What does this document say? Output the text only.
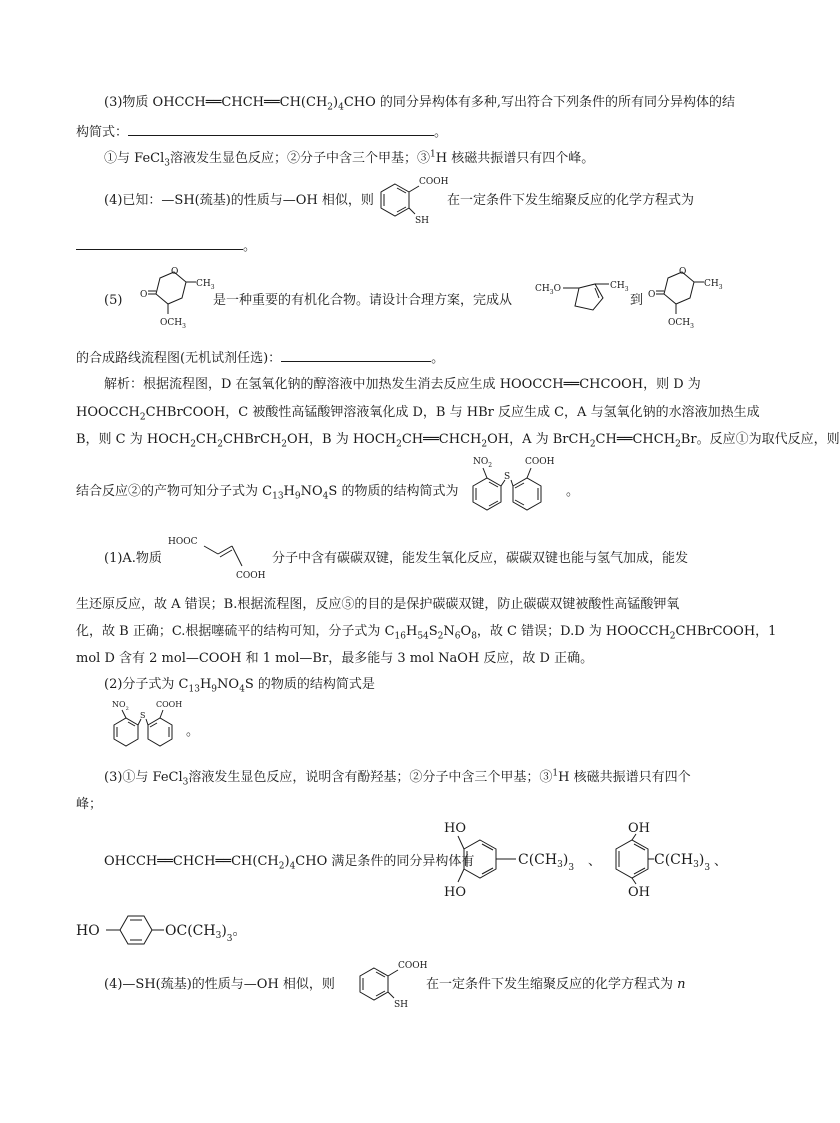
(3)物质 $OHCCH══CHCH══CH(CH_2)_4CHO$ 的同分异构体有多种,写出符合下列条件的所有同分异构体的结
构简式：	。
①与 FeCl$_3$溶液发生显色反应；②分子中含三个甲基；③$^1$H 核磁共振谱只有四个峰。
(4)已知：—SH(巯基)的性质与—OH 相似，则
COOH
SH
在一定条件下发生缩聚反应的化学方程式为
。
(5) O
O
$CH_3$
$OCH_3$
是一种重要的有机化合物。请设计合理方案，完成从
$CH_3O$	$CH_3$
到 O
O
$CH_3$
$OCH_3$
的合成路线流程图(无机试剂任选)：	。
解析：根据流程图，D 在氢氧化钠的醇溶液中加热发生消去反应生成 HOOCCH══CHCOOH，则 D 为
$HOOCCH_2CHBrCOOH$，C 被酸性高锰酸钾溶液氧化成 D，B 与 HBr 反应生成 C，A 与氢氧化钠的水溶液加热生成
B，则 C 为 $HOCH_2CH_2CHBrCH_2OH$，B 为 $HOCH_2CH══CHCH_2OH$，A 为 $BrCH_2CH══CHCH_2Br$。反应①为取代反应，则
结合反应②的产物可知分子式为 $C_{13}H_9NO_4S$ 的物质的结构简式为
$NO_2$
S
COOH
。
(1)A.物质
HOOC
COOH
分子中含有碳碳双键，能发生氧化反应，碳碳双键也能与氢气加成，能发
生还原反应，故 A 错误；B.根据流程图，反应⑤的目的是保护碳碳双键，防止碳碳双键被酸性高锰酸钾氧
化，故 B 正确；C.根据噻硫平的结构可知，分子式为 $C_{16}H_{54}S_2N_6O_8$，故 C 错误；D.D 为 $HOOCCH_2CHBrCOOH$，1
mol D 含有 2 mol—COOH 和 1 mol—Br，最多能与 3 mol NaOH 反应，故 D 正确。
(2)分子式为 $C_{13}H_9NO_4S$ 的物质的结构简式是
$NO_2$
S
COOH
。
(3)①与 FeCl$_3$溶液发生显色反应，说明含有酚羟基；②分子中含三个甲基；③$^1$H 核磁共振谱只有四个
峰；
$OHCCH══CHCH══CH(CH_2)_4CHO$ 满足条件的同分异构体有
HO
HO
$C(CH_3)_3$ 、
OH
OH
$C(CH_3)_3$ 、
HO	$OC(CH_3)_3$。
(4)—SH(巯基)的性质与—OH 相似，则
COOH
SH
在一定条件下发生缩聚反应的化学方程式为 n
